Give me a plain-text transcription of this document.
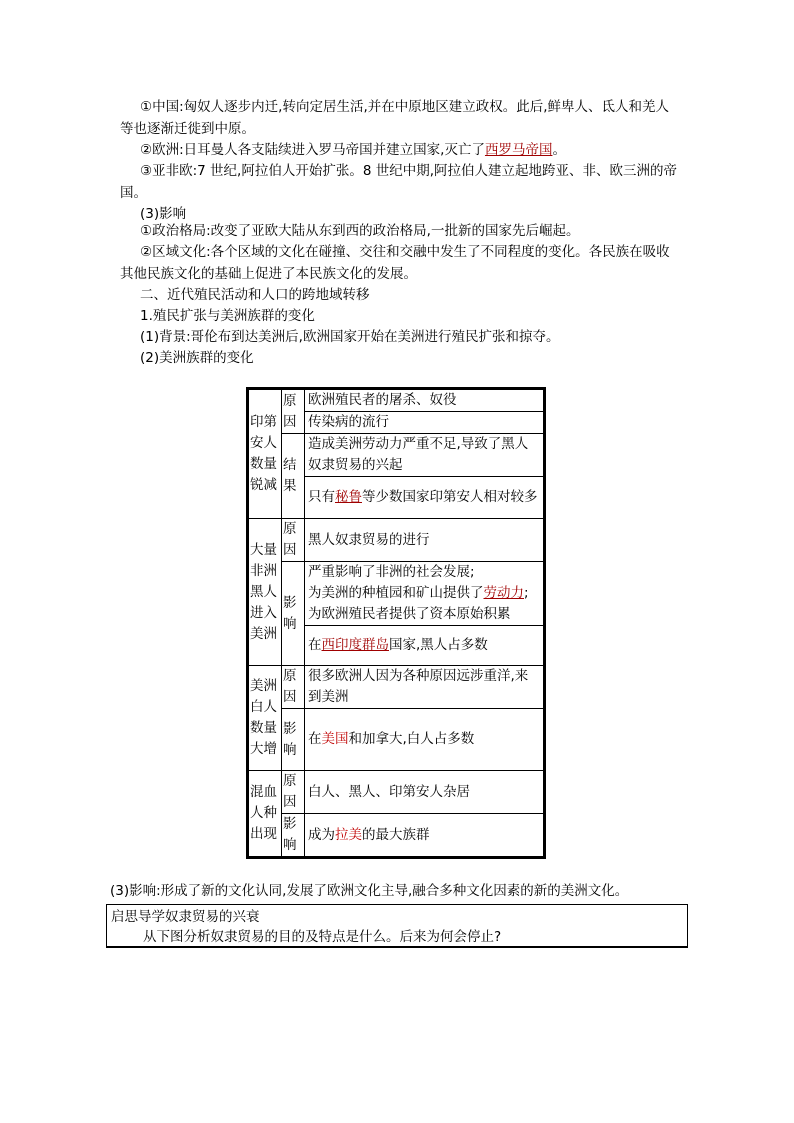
①中国:匈奴人逐步内迁,转向定居生活,并在中原地区建立政权。此后,鲜卑人、氐人和羌人等也逐渐迁徙到中原。

②欧洲:日耳曼人各支陆续进入罗马帝国并建立国家,灭亡了西罗马帝国。

③亚非欧:7 世纪,阿拉伯人开始扩张。8 世纪中期,阿拉伯人建立起地跨亚、非、欧三洲的帝国。

(3)影响

①政治格局:改变了亚欧大陆从东到西的政治格局,一批新的国家先后崛起。

②区域文化:各个区域的文化在碰撞、交往和交融中发生了不同程度的变化。各民族在吸收其他民族文化的基础上促进了本民族文化的发展。

二、近代殖民活动和人口的跨地域转移

1.殖民扩张与美洲族群的变化

(1)背景:哥伦布到达美洲后,欧洲国家开始在美洲进行殖民扩张和掠夺。

(2)美洲族群的变化

印第安人数量锐减	原因	欧洲殖民者的屠杀、奴役
		传染病的流行
	结果	造成美洲劳动力严重不足,导致了黑人奴隶贸易的兴起
		只有秘鲁等少数国家印第安人相对较多
大量非洲黑人进入美洲	原因	黑人奴隶贸易的进行
	影响	严重影响了非洲的社会发展;
为美洲的种植园和矿山提供了劳动力;
为欧洲殖民者提供了资本原始积累

		在西印度群岛国家,黑人占多数
美洲白人数量大增	原因	很多欧洲人因为各种原因远涉重洋,来到美洲
	影响	在美国和加拿大,白人占多数
混血人种出现	原因	白人、黑人、印第安人杂居
	影响	成为拉美的最大族群

(3)影响:形成了新的文化认同,发展了欧洲文化主导,融合多种文化因素的新的美洲文化。

启思导学奴隶贸易的兴衰
从下图分析奴隶贸易的目的及特点是什么。后来为何会停止?
